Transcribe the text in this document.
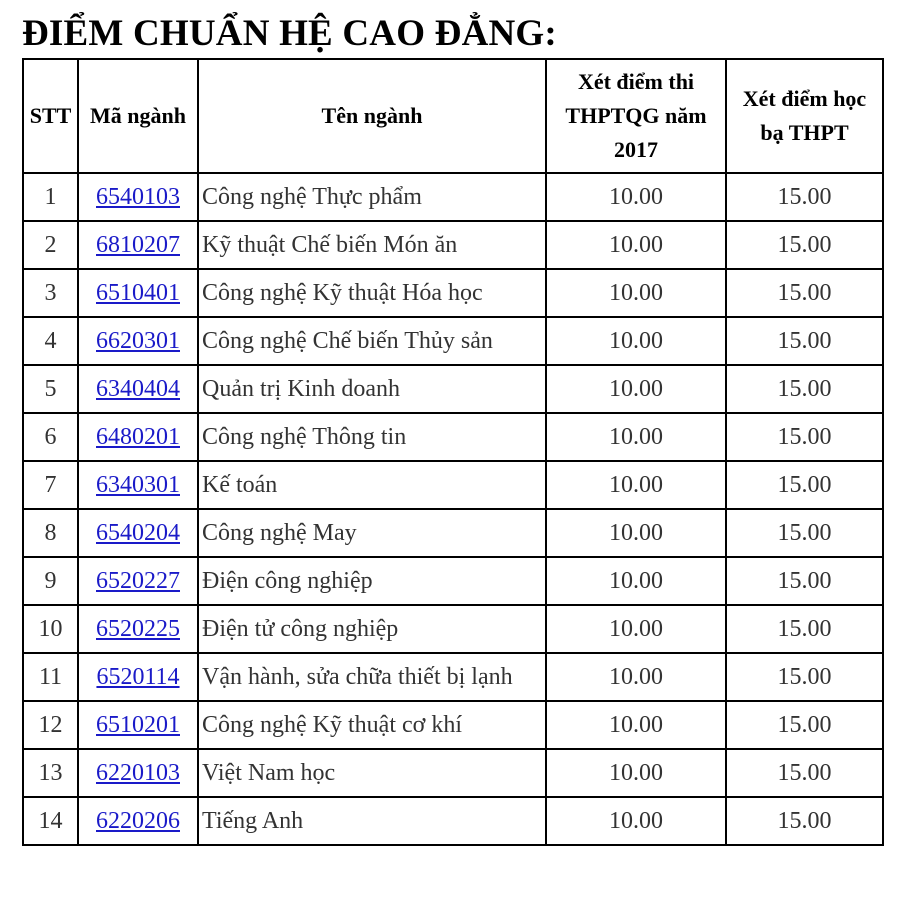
ĐIỂM CHUẨN HỆ CAO ĐẲNG:
STT	Mã ngành	Tên ngành	Xét điểm thi THPTQG năm 2017	Xét điểm học bạ THPT
1	6540103	Công nghệ Thực phẩm	10.00	15.00
2	6810207	Kỹ thuật Chế biến Món ăn	10.00	15.00
3	6510401	Công nghệ Kỹ thuật Hóa học	10.00	15.00
4	6620301	Công nghệ Chế biến Thủy sản	10.00	15.00
5	6340404	Quản trị Kinh doanh	10.00	15.00
6	6480201	Công nghệ Thông tin	10.00	15.00
7	6340301	Kế toán	10.00	15.00
8	6540204	Công nghệ May	10.00	15.00
9	6520227	Điện công nghiệp	10.00	15.00
10	6520225	Điện tử công nghiệp	10.00	15.00
11	6520114	Vận hành, sửa chữa thiết bị lạnh	10.00	15.00
12	6510201	Công nghệ Kỹ thuật cơ khí	10.00	15.00
13	6220103	Việt Nam học	10.00	15.00
14	6220206	Tiếng Anh	10.00	15.00
